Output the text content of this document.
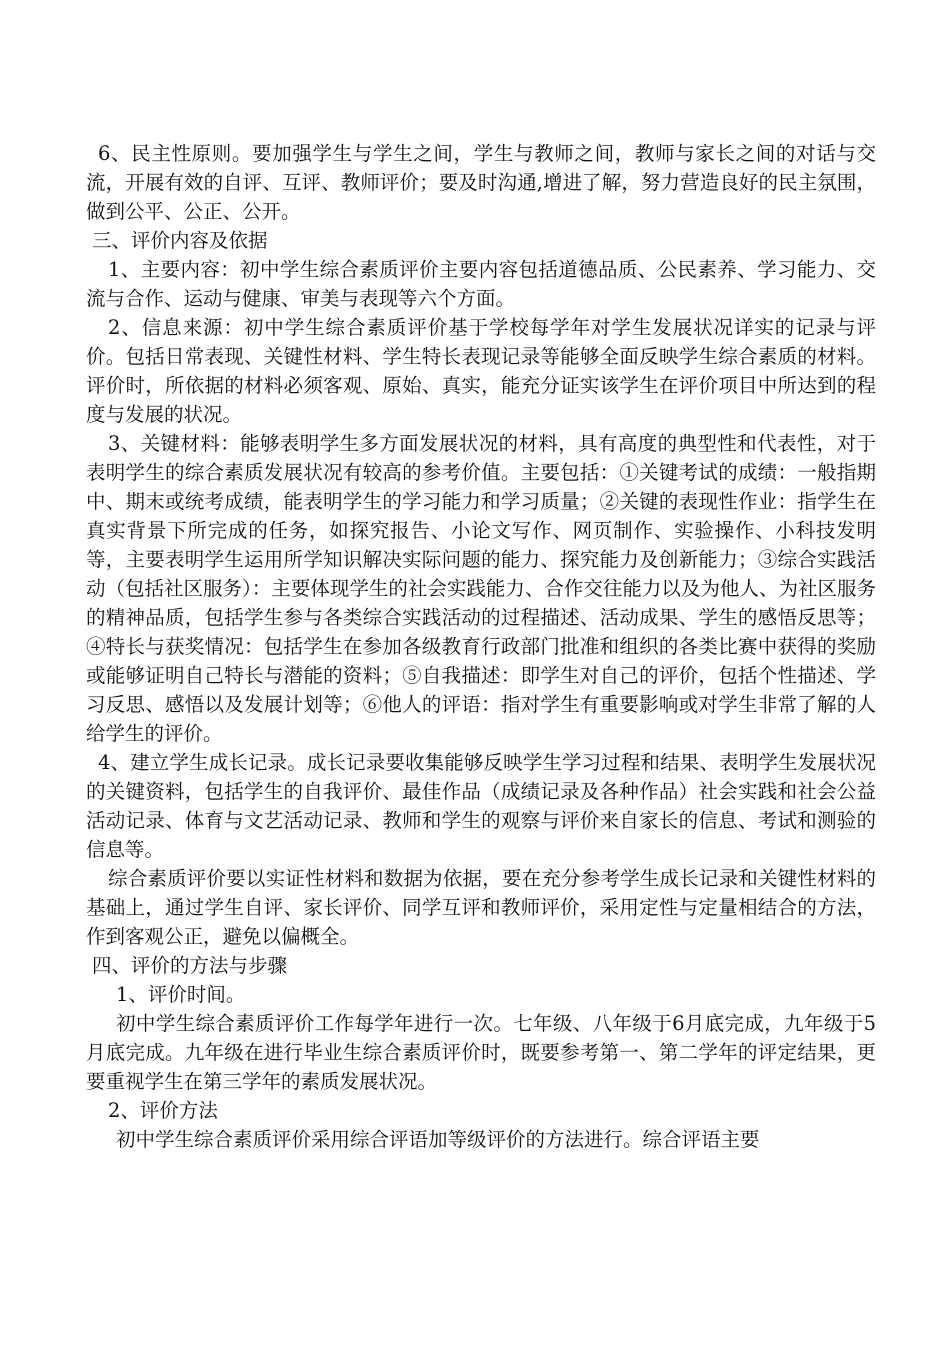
6、民主性原则。要加强学生与学生之间，学生与教师之间，教师与家长之间的对话与交流，开展有效的自评、互评、教师评价；要及时沟通,增进了解，努力营造良好的民主氛围，做到公平、公正、公开。

三、评价内容及依据

1、主要内容：初中学生综合素质评价主要内容包括道德品质、公民素养、学习能力、交流与合作、运动与健康、审美与表现等六个方面。

2、信息来源：初中学生综合素质评价基于学校每学年对学生发展状况详实的记录与评价。包括日常表现、关键性材料、学生特长表现记录等能够全面反映学生综合素质的材料。评价时，所依据的材料必须客观、原始、真实，能充分证实该学生在评价项目中所达到的程度与发展的状况。

3、关键材料：能够表明学生多方面发展状况的材料，具有高度的典型性和代表性，对于表明学生的综合素质发展状况有较高的参考价值。主要包括：①关键考试的成绩：一般指期中、期末或统考成绩，能表明学生的学习能力和学习质量；②关键的表现性作业：指学生在真实背景下所完成的任务，如探究报告、小论文写作、网页制作、实验操作、小科技发明等，主要表明学生运用所学知识解决实际问题的能力、探究能力及创新能力；③综合实践活动（包括社区服务）：主要体现学生的社会实践能力、合作交往能力以及为他人、为社区服务的精神品质，包括学生参与各类综合实践活动的过程描述、活动成果、学生的感悟反思等；④特长与获奖情况：包括学生在参加各级教育行政部门批准和组织的各类比赛中获得的奖励或能够证明自己特长与潜能的资料；⑤自我描述：即学生对自己的评价，包括个性描述、学习反思、感悟以及发展计划等；⑥他人的评语：指对学生有重要影响或对学生非常了解的人给学生的评价。

4、建立学生成长记录。成长记录要收集能够反映学生学习过程和结果、表明学生发展状况的关键资料，包括学生的自我评价、最佳作品（成绩记录及各种作品）社会实践和社会公益活动记录、体育与文艺活动记录、教师和学生的观察与评价来自家长的信息、考试和测验的信息等。

综合素质评价要以实证性材料和数据为依据，要在充分参考学生成长记录和关键性材料的基础上，通过学生自评、家长评价、同学互评和教师评价，采用定性与定量相结合的方法，作到客观公正，避免以偏概全。

四、评价的方法与步骤

1、评价时间。

初中学生综合素质评价工作每学年进行一次。七年级、八年级于6月底完成，九年级于5月底完成。九年级在进行毕业生综合素质评价时，既要参考第一、第二学年的评定结果，更要重视学生在第三学年的素质发展状况。

2、评价方法

初中学生综合素质评价采用综合评语加等级评价的方法进行。综合评语主要
